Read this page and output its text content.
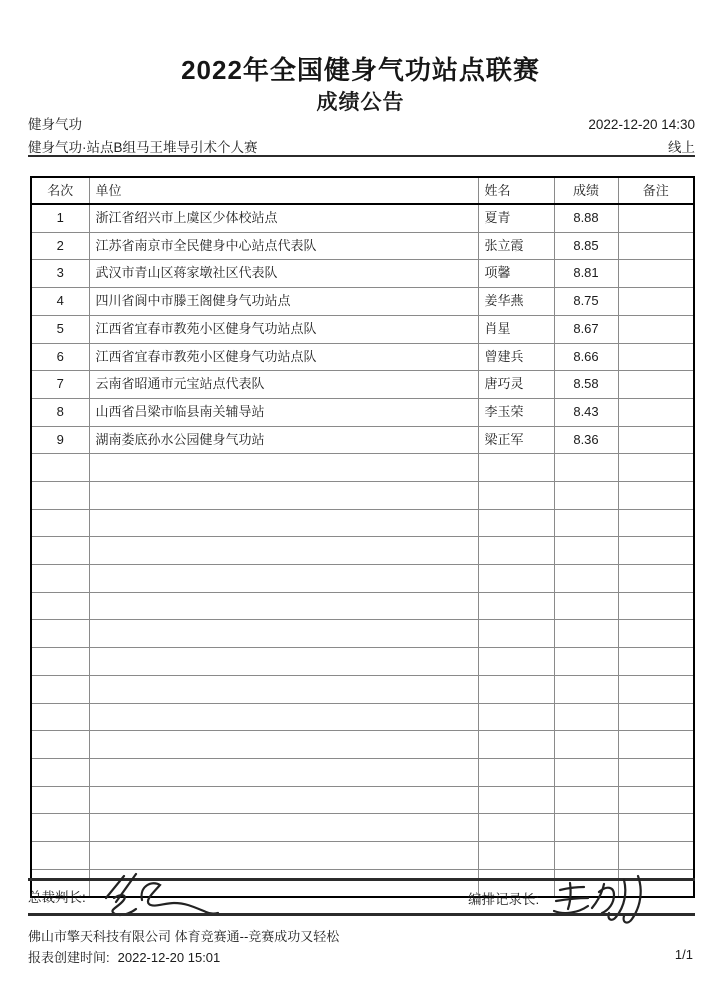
2022年全国健身气功站点联赛
成绩公告
健身气功	2022-12-20 14:30
健身气功·站点B组马王堆导引术个人赛	线上
名次	单位	姓名	成绩	备注
1	浙江省绍兴市上虞区少体校站点	夏青	8.88	
2	江苏省南京市全民健身中心站点代表队	张立霞	8.85	
3	武汉市青山区蒋家墩社区代表队	项馨	8.81	
4	四川省阆中市滕王阁健身气功站点	姜华燕	8.75	
5	江西省宜春市教苑小区健身气功站点队	肖星	8.67	
6	江西省宜春市教苑小区健身气功站点队	曾建兵	8.66	
7	云南省昭通市元宝站点代表队	唐巧灵	8.58	
8	山西省吕梁市临县南关辅导站	李玉荣	8.43	
9	湖南娄底孙水公园健身气功站	梁正军	8.36	

总裁判长:	编排记录长:
佛山市擎天科技有限公司 体育竞赛通--竞赛成功又轻松
报表创建时间: 2022-12-20 15:01	1/1
